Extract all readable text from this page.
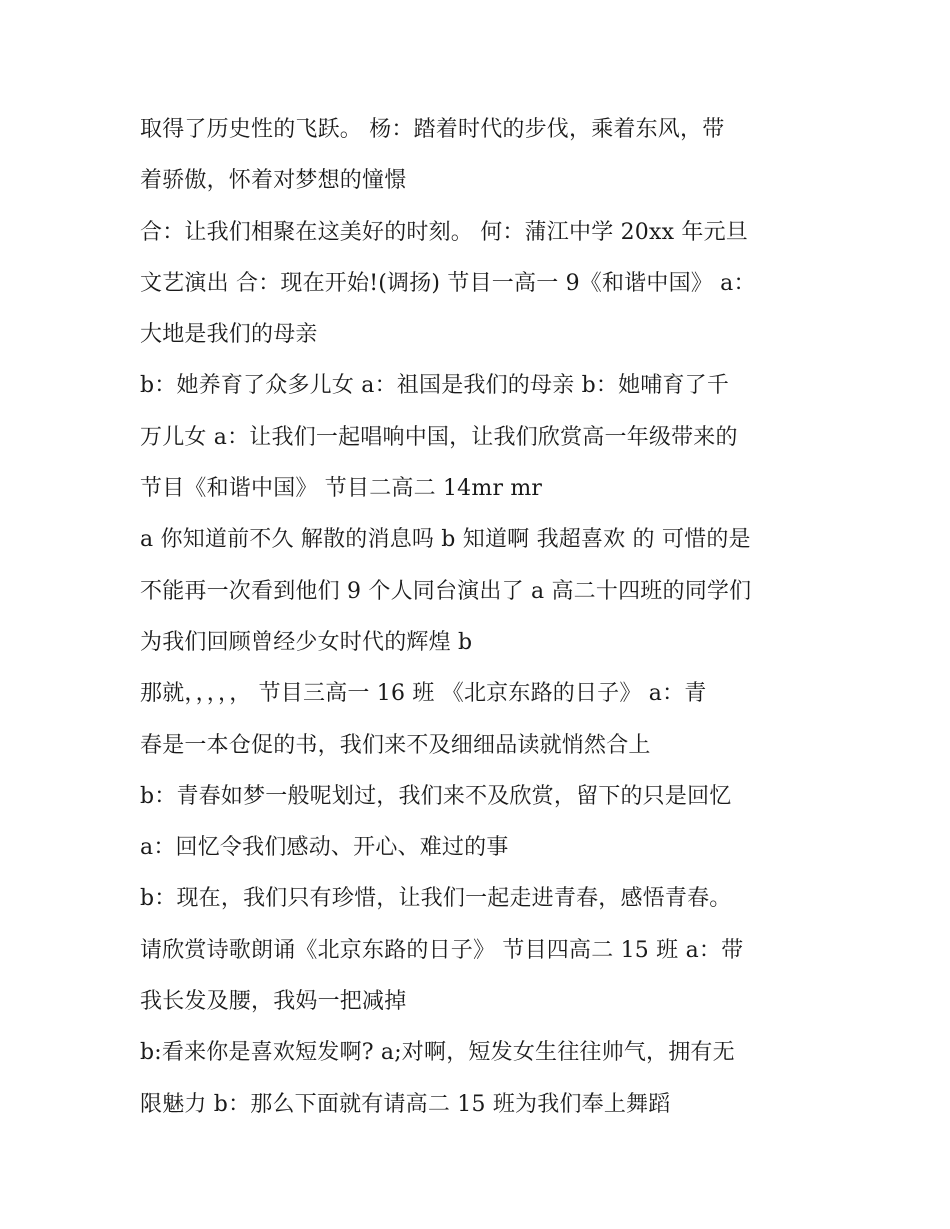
取得了历史性的飞跃。 杨：踏着时代的步伐，乘着东风，带
着骄傲，怀着对梦想的憧憬
合：让我们相聚在这美好的时刻。 何：蒲江中学 20xx 年元旦
文艺演出 合：现在开始!(调扬) 节目一高一 9《和谐中国》 a：
大地是我们的母亲
b：她养育了众多儿女 a：祖国是我们的母亲 b：她哺育了千
万儿女 a：让我们一起唱响中国，让我们欣赏高一年级带来的
节目《和谐中国》 节目二高二 14mr mr
a 你知道前不久 解散的消息吗 b 知道啊 我超喜欢 的 可惜的是
不能再一次看到他们 9 个人同台演出了 a 高二十四班的同学们
为我们回顾曾经少女时代的辉煌 b
那就，，，，， 节目三高一 16 班 《北京东路的日子》 a：青
春是一本仓促的书，我们来不及细细品读就悄然合上
b：青春如梦一般呢划过，我们来不及欣赏，留下的只是回忆
a：回忆令我们感动、开心、难过的事
b：现在，我们只有珍惜，让我们一起走进青春，感悟青春。
请欣赏诗歌朗诵《北京东路的日子》 节目四高二 15 班 a：带
我长发及腰，我妈一把减掉
b:看来你是喜欢短发啊? a;对啊，短发女生往往帅气，拥有无
限魅力 b：那么下面就有请高二 15 班为我们奉上舞蹈
